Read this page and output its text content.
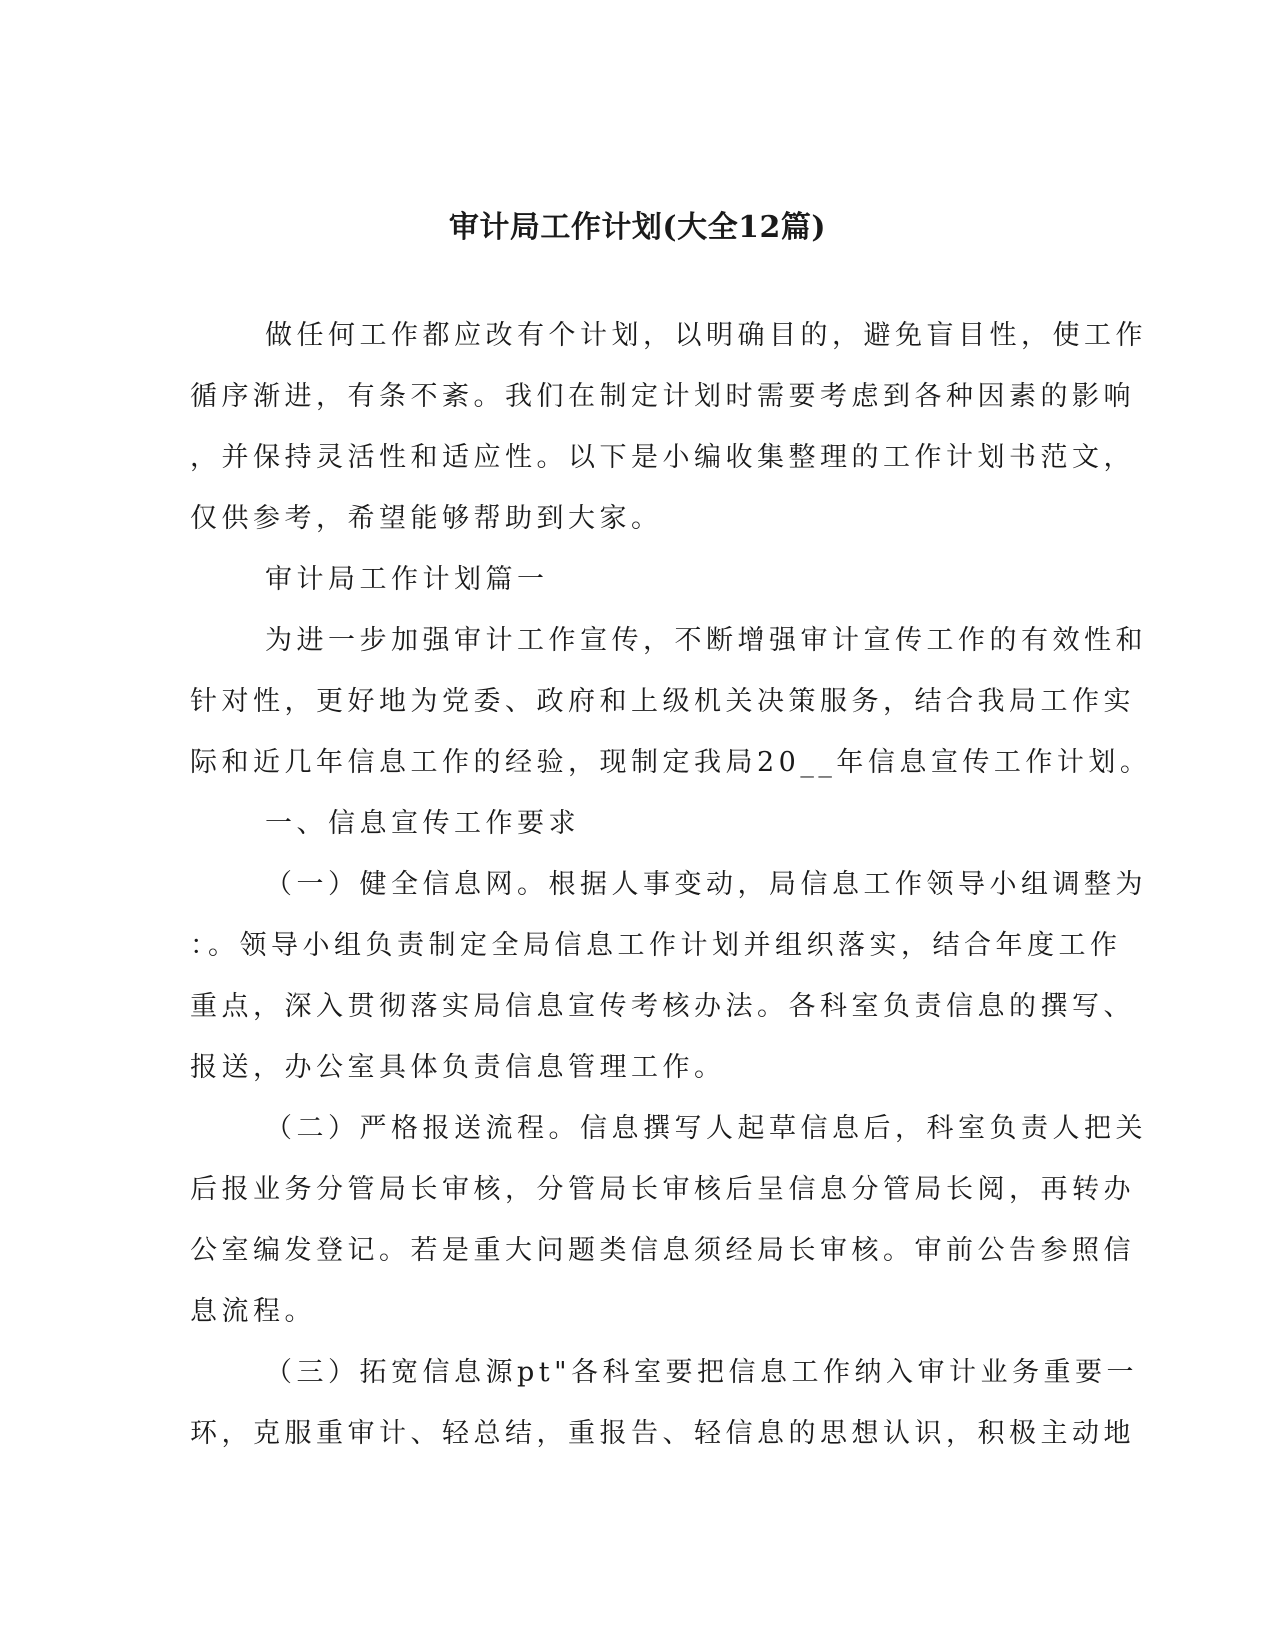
审计局工作计划(大全12篇)
做任何工作都应改有个计划，以明确目的，避免盲目性，使工作
循序渐进，有条不紊。我们在制定计划时需要考虑到各种因素的影响
，并保持灵活性和适应性。以下是小编收集整理的工作计划书范文，
仅供参考，希望能够帮助到大家。
审计局工作计划篇一
为进一步加强审计工作宣传，不断增强审计宣传工作的有效性和
针对性，更好地为党委、政府和上级机关决策服务，结合我局工作实
际和近几年信息工作的经验，现制定我局20__年信息宣传工作计划。
一、信息宣传工作要求
（一）健全信息网。根据人事变动，局信息工作领导小组调整为
：。领导小组负责制定全局信息工作计划并组织落实，结合年度工作
重点，深入贯彻落实局信息宣传考核办法。各科室负责信息的撰写、
报送，办公室具体负责信息管理工作。
（二）严格报送流程。信息撰写人起草信息后，科室负责人把关
后报业务分管局长审核，分管局长审核后呈信息分管局长阅，再转办
公室编发登记。若是重大问题类信息须经局长审核。审前公告参照信
息流程。
（三）拓宽信息源pt"各科室要把信息工作纳入审计业务重要一
环，克服重审计、轻总结，重报告、轻信息的思想认识，积极主动地
